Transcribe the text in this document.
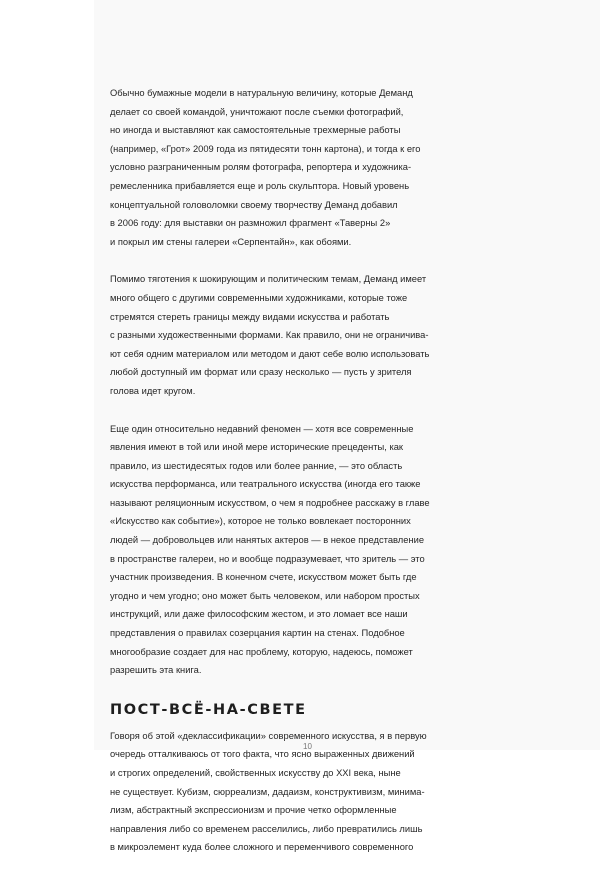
Обычно бумажные модели в натуральную величину, которые Деманд
делает со своей командой, уничтожают после съемки фотографий,
но иногда и выставляют как самостоятельные трехмерные работы
(например, «Грот» 2009 года из пятидесяти тонн картона), и тогда к его
условно разграниченным ролям фотографа, репортера и художника-
ремесленника прибавляется еще и роль скульптора. Новый уровень
концептуальной головоломки своему творчеству Деманд добавил
в 2006 году: для выставки он размножил фрагмент «Таверны 2»
и покрыл им стены галереи «Серпентайн», как обоями.

Помимо тяготения к шокирующим и политическим темам, Деманд имеет
много общего с другими современными художниками, которые тоже
стремятся стереть границы между видами искусства и работать
с разными художественными формами. Как правило, они не ограничива-
ют себя одним материалом или методом и дают себе волю использовать
любой доступный им формат или сразу несколько — пусть у зрителя
голова идет кругом.

Еще один относительно недавний феномен — хотя все современные
явления имеют в той или иной мере исторические прецеденты, как
правило, из шестидесятых годов или более ранние, — это область
искусства перформанса, или театрального искусства (иногда его также
называют реляционным искусством, о чем я подробнее расскажу в главе
«Искусство как событие»), которое не только вовлекает посторонних
людей — добровольцев или нанятых актеров — в некое представление
в пространстве галереи, но и вообще подразумевает, что зритель — это
участник произведения. В конечном счете, искусством может быть где
угодно и чем угодно; оно может быть человеком, или набором простых
инструкций, или даже философским жестом, и это ломает все наши
представления о правилах созерцания картин на стенах. Подобное
многообразие создает для нас проблему, которую, надеюсь, поможет
разрешить эта книга.

ПОСТ-ВСЁ-НА-СВЕТЕ

Говоря об этой «деклассификации» современного искусства, я в первую
очередь отталкиваюсь от того факта, что ясно выраженных движений
и строгих определений, свойственных искусству до XXI века, ныне
не существует. Кубизм, сюрреализм, дадаизм, конструктивизм, минима-
лизм, абстрактный экспрессионизм и прочие четко оформленные
направления либо со временем расселились, либо превратились лишь
в микроэлемент куда более сложного и переменчивого современного

10
